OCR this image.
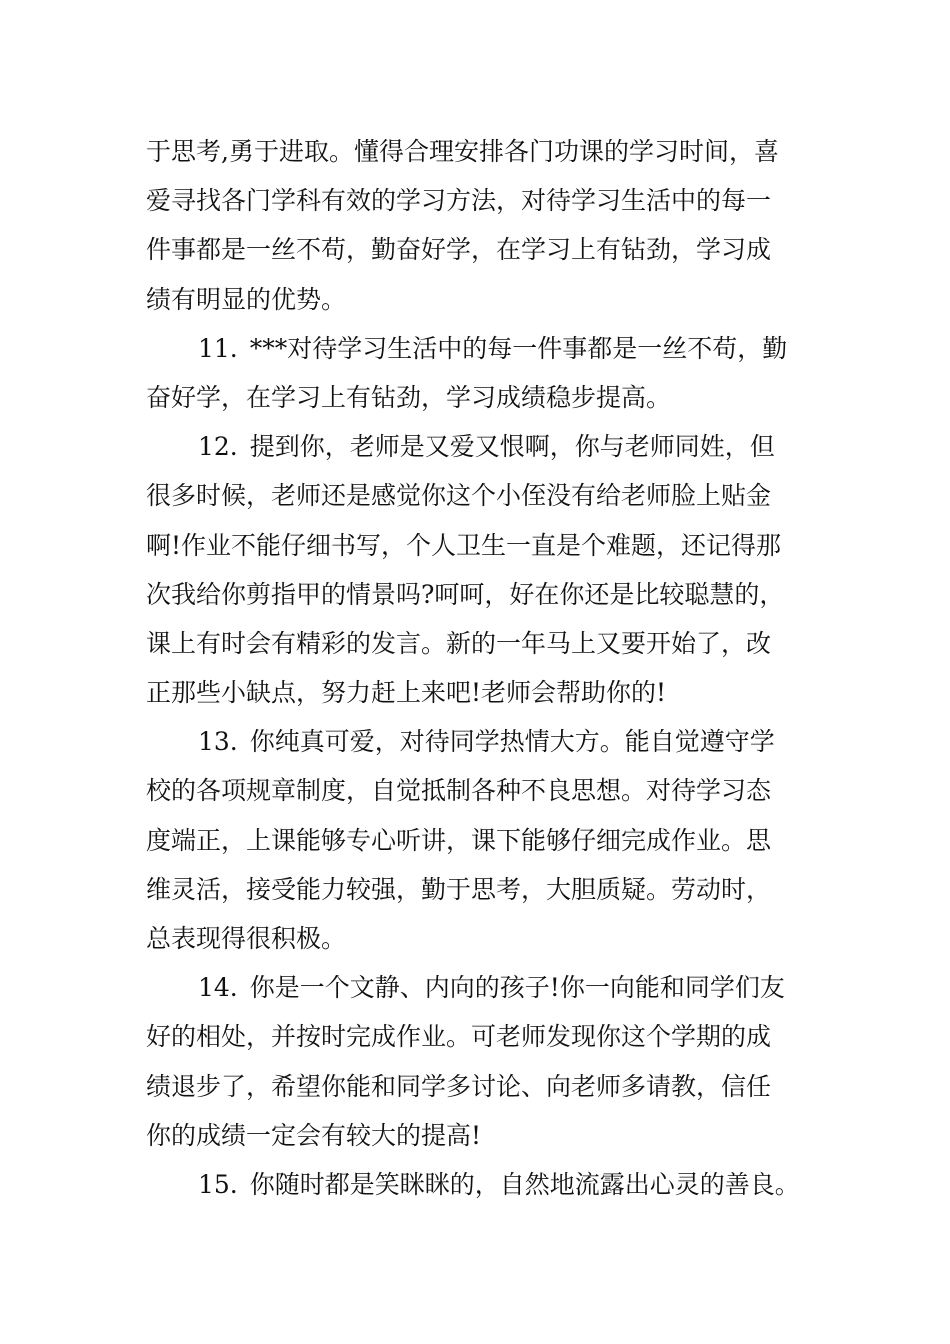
于思考,勇于进取。懂得合理安排各门功课的学习时间，喜

爱寻找各门学科有效的学习方法，对待学习生活中的每一

件事都是一丝不苟，勤奋好学，在学习上有钻劲，学习成

绩有明显的优势。

11. ***对待学习生活中的每一件事都是一丝不苟，勤

奋好学，在学习上有钻劲，学习成绩稳步提高。

12. 提到你，老师是又爱又恨啊，你与老师同姓，但

很多时候，老师还是感觉你这个小侄没有给老师脸上贴金

啊!作业不能仔细书写，个人卫生一直是个难题，还记得那

次我给你剪指甲的情景吗?呵呵，好在你还是比较聪慧的，

课上有时会有精彩的发言。新的一年马上又要开始了，改

正那些小缺点，努力赶上来吧!老师会帮助你的!

13. 你纯真可爱，对待同学热情大方。能自觉遵守学

校的各项规章制度，自觉抵制各种不良思想。对待学习态

度端正，上课能够专心听讲，课下能够仔细完成作业。思

维灵活，接受能力较强，勤于思考，大胆质疑。劳动时，

总表现得很积极。

14. 你是一个文静、内向的孩子!你一向能和同学们友

好的相处，并按时完成作业。可老师发现你这个学期的成

绩退步了，希望你能和同学多讨论、向老师多请教，信任

你的成绩一定会有较大的提高!

15. 你随时都是笑眯眯的，自然地流露出心灵的善良。
